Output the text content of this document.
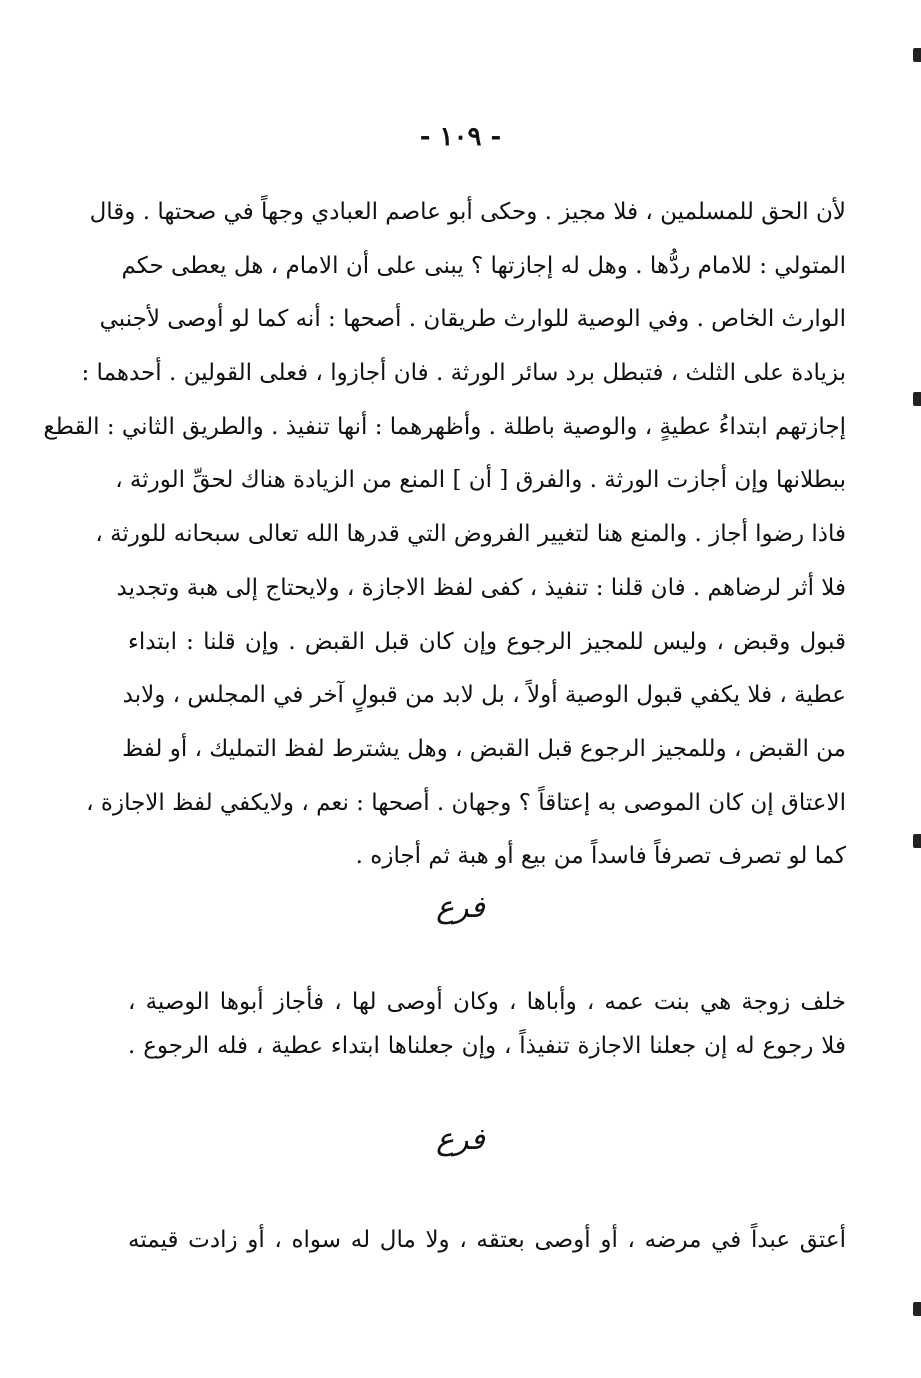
- ١٠٩ -
لأن الحق للمسلمين ، فلا مجيز . وحكى أبو عاصم العبادي وجهاً في صحتها . وقال
المتولي : للامام ردُّها . وهل له إجازتها ؟ يبنى على أن الامام ، هل يعطى حكم
الوارث الخاص . وفي الوصية للوارث طريقان . أصحها : أنه كما لو أوصى لأجنبي
بزيادة على الثلث ، فتبطل برد سائر الورثة . فان أجازوا ، فعلى القولين . أحدهما :
إجازتهم ابتداءُ عطيةٍ ، والوصية باطلة . وأظهرهما : أنها تنفيذ . والطريق الثاني : القطع
ببطلانها وإن أجازت الورثة . والفرق [ أن ] المنع من الزيادة هناك لحقِّ الورثة ،
فاذا رضوا أجاز . والمنع هنا لتغيير الفروض التي قدرها الله تعالى سبحانه للورثة ،
فلا أثر لرضاهم . فان قلنا : تنفيذ ، كفى لفظ الاجازة ، ولايحتاج إلى هبة وتجديد
قبول وقبض ، وليس للمجيز الرجوع وإن كان قبل القبض . وإن قلنا : ابتداء
عطية ، فلا يكفي قبول الوصية أولاً ، بل لابد من قبولٍ آخر في المجلس ، ولابد
من القبض ، وللمجيز الرجوع قبل القبض ، وهل يشترط لفظ التمليك ، أو لفظ
الاعتاق إن كان الموصى به إعتاقاً ؟ وجهان . أصحها : نعم ، ولايكفي لفظ الاجازة ،
كما لو تصرف تصرفاً فاسداً من بيع أو هبة ثم أجازه .
فرع
خلف زوجة هي بنت عمه ، وأباها ، وكان أوصى لها ، فأجاز أبوها الوصية ،
فلا رجوع له إن جعلنا الاجازة تنفيذاً ، وإن جعلناها ابتداء عطية ، فله الرجوع .
فرع
أعتق عبداً في مرضه ، أو أوصى بعتقه ، ولا مال له سواه ، أو زادت قيمته
